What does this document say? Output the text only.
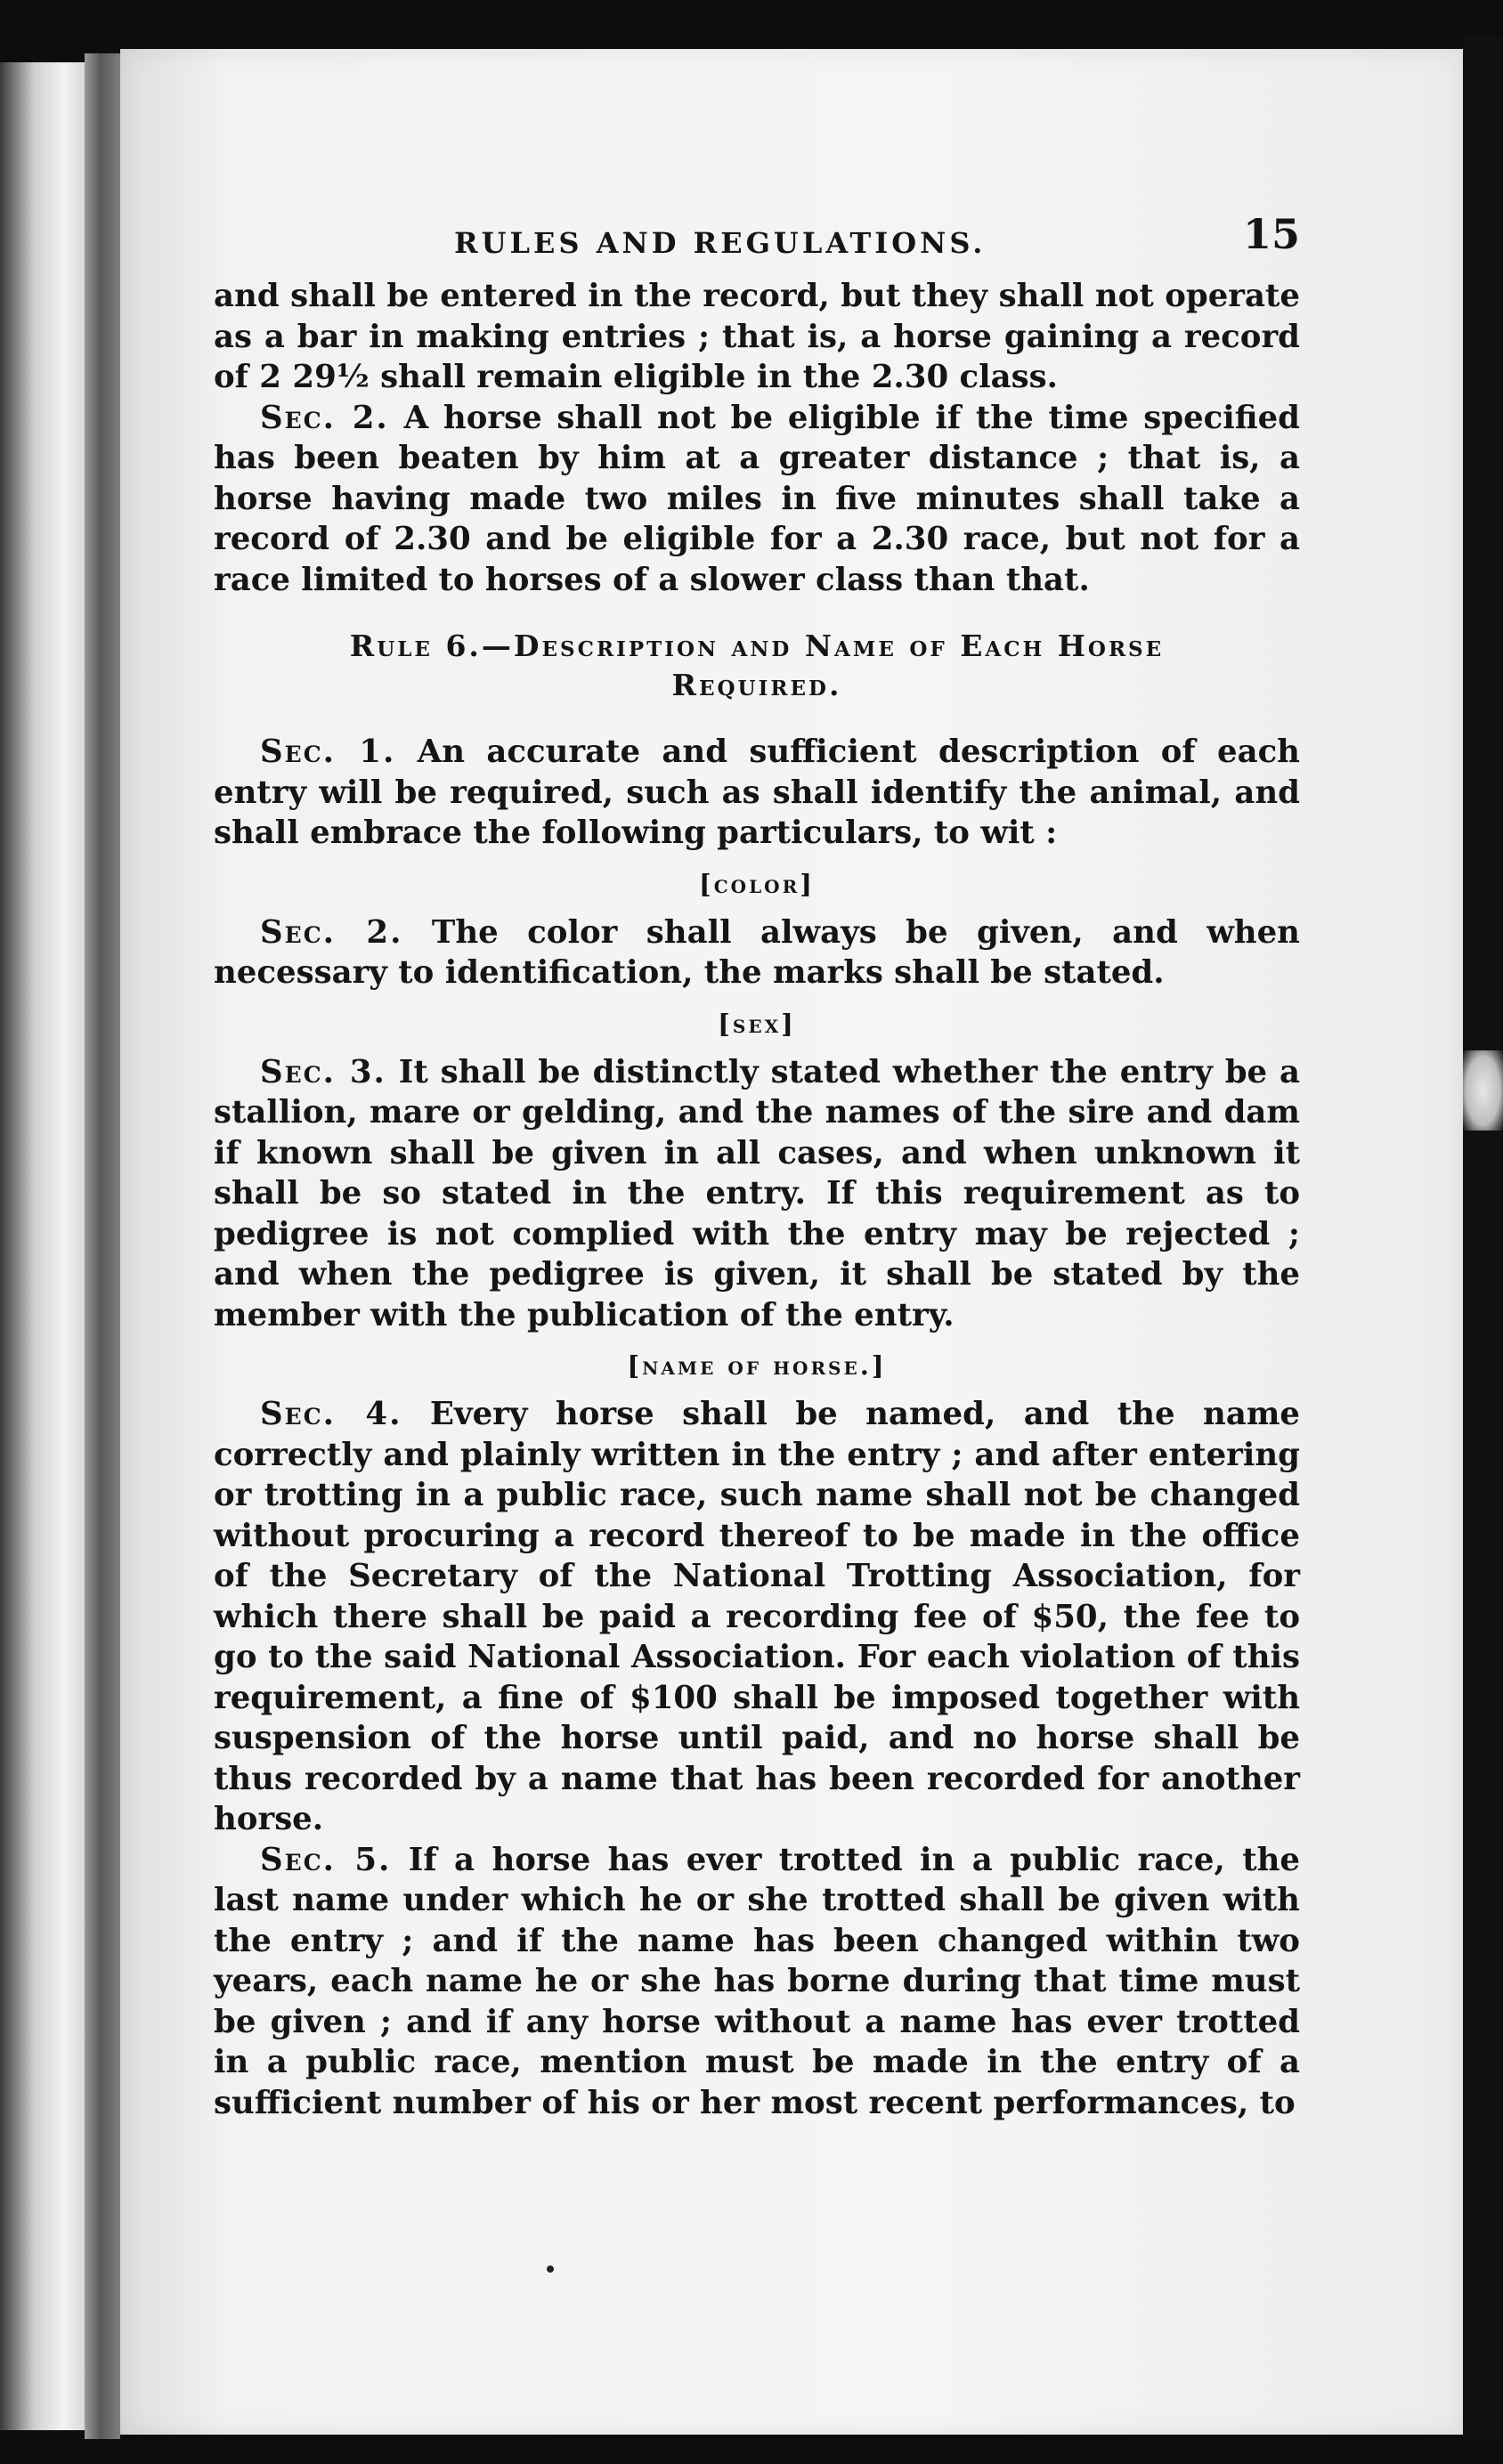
RULES AND REGULATIONS.	15

and shall be entered in the record, but they shall not operate as a bar in making entries ; that is, a horse gaining a record of 2 29½ shall remain eligible in the 2.30 class.

Sec. 2. A horse shall not be eligible if the time specified has been beaten by him at a greater distance ; that is, a horse having made two miles in five minutes shall take a record of 2.30 and be eligible for a 2.30 race, but not for a race limited to horses of a slower class than that.

Rule 6.—Description and Name of Each Horse
Required.

Sec. 1. An accurate and sufficient description of each entry will be required, such as shall identify the animal, and shall embrace the following particulars, to wit :

[color]

Sec. 2. The color shall always be given, and when necessary to identification, the marks shall be stated.

[sex]

Sec. 3. It shall be distinctly stated whether the entry be a stallion, mare or gelding, and the names of the sire and dam if known shall be given in all cases, and when unknown it shall be so stated in the entry. If this requirement as to pedigree is not complied with the entry may be rejected ; and when the pedigree is given, it shall be stated by the member with the publication of the entry.

[name of horse.]

Sec. 4. Every horse shall be named, and the name correctly and plainly written in the entry ; and after entering or trotting in a public race, such name shall not be changed without procuring a record thereof to be made in the office of the Secretary of the National Trotting Association, for which there shall be paid a recording fee of $50, the fee to go to the said National Association. For each violation of this requirement, a fine of $100 shall be imposed together with suspension of the horse until paid, and no horse shall be thus recorded by a name that has been recorded for another horse.

Sec. 5. If a horse has ever trotted in a public race, the last name under which he or she trotted shall be given with the entry ; and if the name has been changed within two years, each name he or she has borne during that time must be given ; and if any horse without a name has ever trotted in a public race, mention must be made in the entry of a sufficient number of his or her most recent performances, to
